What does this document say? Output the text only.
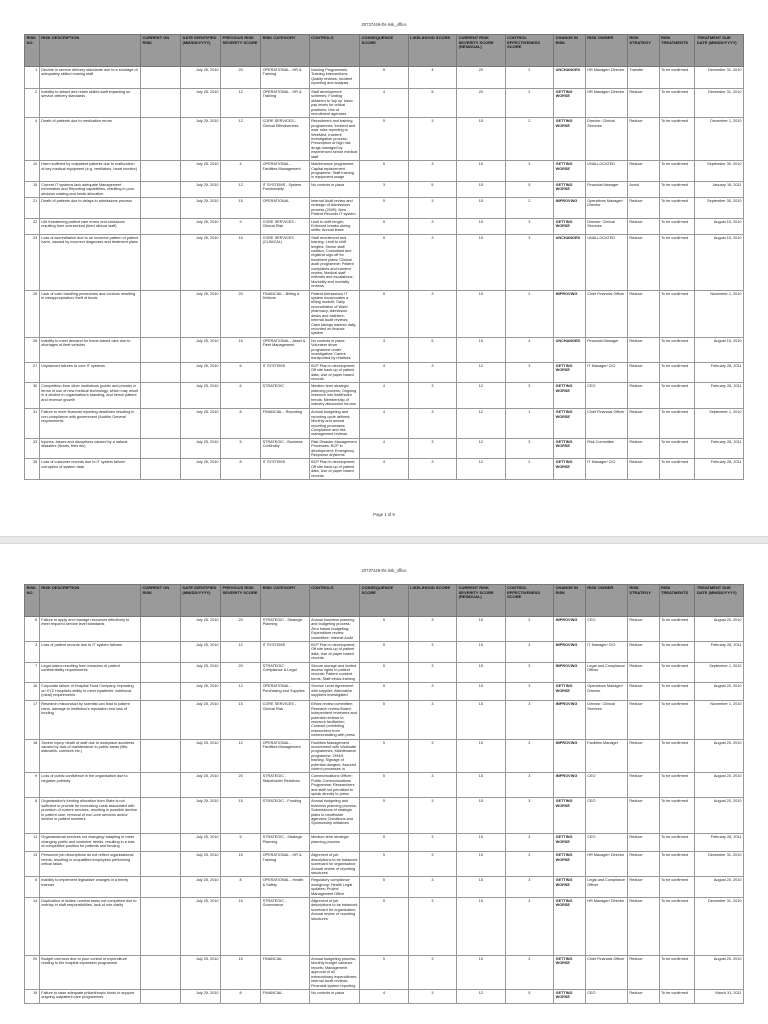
20737449-thr-risk_office
RISK NO.	RISK DESCRIPTION	CURRENT ON RISK	DATE IDENTIFIED (MM/DD/YYYY)	PREVIOUS RISK SEVERITY SCORE	RISK CATEGORY	CONTROLS	CONSEQUENCE SCORE	LIKELIHOOD SCORE	CURRENT RISK SEVERITY SCORE (RESIDUAL)	CONTROL EFFECTIVENESS SCORE	CHANGE IN RISK	RISK OWNER	RISK STRATEGY	RISK TREATMENTS	TREATMENT DUE DATE (MM/DD/YYYY)
1	Decline in service delivery standards due to a shortage of adequately skilled nursing staff		July 25, 2010	20	OPERATIONAL - HR & Training	Nursing Programmes; Training interventions; Quality reviews; Incident reporting and analysis	5	4	20	2	UNCHANGED	HR Manager/ Director	Transfer	To be confirmed	December 31, 2010
2	Inability to attract and retain skilled staff impacting on service delivery standards		July 25, 2010	12	OPERATIONAL - HR & Training	Staff development schemes; Funding obtained to 'top up' basic pay levels for critical positions; Use of recruitment agencies	4	5	20	2	GETTING WORSE	HR Manager/ Director	Reduce	To be confirmed	December 31, 2010
4	Death of patients due to medication errors		July 25, 2010	12	CORE SERVICES - Clinical Effectiveness	Recruitment and training programmes; Incident and near miss reporting to WebMed; Incident investigation process; Prescription of high risk drugs managed by experienced senior medical staff	5	3	15	2	GETTING WORSE	Director: Clinical Services	Reduce	To be confirmed	December 1, 2010
10	Harm suffered by outpatient patients due to malfunction of key medical equipment (e.g. ventilators, heart monitor)		July 25, 2010	4	OPERATIONAL - Facilities Management	Maintenance programme; Capital replacement programme; Staff training in equipment usage	5	3	15	3	GETTING WORSE	UNALLOCATED	Reduce	To be confirmed	September 30, 2010
15	Current IT systems lack adequate Management Information and Reporting capabilities, resulting in poor decision making and funds allocation		July 25, 2010	12	IT SYSTEMS - System Functionality	No controls in place	3	5	15	5	GETTING WORSE	Financial Manager	Avoid	To be confirmed	January 15, 2011
21	Death of patients due to delays in admissions process		July 25, 2010	15	OPERATIONAL	Internal Audit review and redesign of Admissions process (2009); New Patient Records IT system	5	3	15	2	IMPROVING	Operations Manager/ Director	Reduce	To be confirmed	September 30, 2010
22	Life threatening patient care errors and omissions resulting from overworked (tired clinical staff)		July 25, 2010	9	CORE SERVICES - Clinical Risk	Limit to shift length; Enforced breaks during shifts; Annual leave	5	3	15	3	GETTING WORSE	Director: Clinical Services	Reduce	To be confirmed	August 15, 2010
23	Loss of accreditation due to an incorrect pattern of patient harm, caused by incorrect diagnoses and treatment plans		July 25, 2010	15	CORE SERVICES (CLINICAL)	Staff recruitment and training; Limit to shift lengths; Senior staff rotation; Consultant and registrar sign-off for treatment plans; Clinical audit programme; Patient complaints and incident review; Medical staff referrals and escalations; Morbidity and mortality reviews	5	3	15	3	UNCHANGED	UNALLOCATED	Reduce	To be confirmed	August 15, 2010
25	Lack of cash handling procedures and controls resulting in misappropriation/ theft of funds		July 25, 2010	20	FINANCIAL - Billing & Debtors	Patient Admissions IT system incorporates a billing module; Daily reconciliation of Ward pharmacy; Admission desks and cashiers; Internal Audit reviews; Cash takings banked daily, recorded on finance system	5	3	15	2	IMPROVING	Chief Financial Officer	Reduce	To be confirmed	November 1, 2010
26	Inability to meet demand for home-based care due to shortages of fleet vehicles		July 25, 2010	15	OPERATIONAL - Asset & Fleet Management	No controls in place; Volunteer driver programme under investigation; Carers transported by relatives	3	5	15	4	UNCHANGED	Financial Manager	Reduce	To be confirmed	August 15, 2010
27	Unplanned failures to core IT systems		July 25, 2010	6	IT SYSTEMS	BCP Plan in development; Off site back-up of patient data; Use of paper based records	4	3	12	3	GETTING WORSE	IT Manager/ CIO	Reduce	To be confirmed	February 28, 2011
30	Competition from other institutions (public and private) in terms of use of new medical technology, which may result in a decline in organisation's standing, and hence patient and revenue growth		July 25, 2010	6	STRATEGIC	Medium term strategic planning process; Ongoing research into healthcare trends; Membership of industry discussion forums	4	3	12	3	GETTING WORSE	CEO	Reduce	To be confirmed	February 28, 2011
31	Failure to meet financial reporting deadlines resulting in non-compliance with government (Auditor General requirements		July 25, 2010	8	FINANCIAL - Reporting	Annual budgeting and reporting cycle defined; Monthly and annual reporting processes; Compliance and risk management reviews	4	3	12	1	GETTING WORSE	Chief Financial Officer	Reduce	To be confirmed	September 1, 2010
33	Injuries, losses and disruptions caused by a natural disasters (floods, fires etc)		July 25, 2010	5	STRATEGIC - Business Continuity	Risk Disaster Management Processes; BCP in development; Emergency Response drystems	4	3	12	3	GETTING WORSE	Risk Committee	Reduce	To be confirmed	February 28, 2011
35	Loss of customer records due to IT system failure/ corruption of system data		July 25, 2010	8	IT SYSTEMS	BCP Plan in development; Off site back-up of patient data; Use of paper based records	4	3	12	2	GETTING WORSE	IT Manager/ CIO	Reduce	To be confirmed	February 28, 2011
Page 1 of 9
20737449-thr-risk_office
RISK NO.	RISK DESCRIPTION	CURRENT ON RISK	DATE IDENTIFIED (MM/DD/YYYY)	PREVIOUS RISK SEVERITY SCORE	RISK CATEGORY	CONTROLS	CONSEQUENCE SCORE	LIKELIHOOD SCORE	CURRENT RISK SEVERITY SCORE (RESIDUAL)	CONTROL EFFECTIVENESS SCORE	CHANGE IN RISK	RISK OWNER	RISK STRATEGY	RISK TREATMENTS	TREATMENT DUE DATE (MM/DD/YYYY)
6	Failure to apply and manage resources effectively to meet required service level standards		July 25, 2010	20	STRATEGIC - Strategic Planning	Annual business planning and budgeting process; Zero based budgeting; Expenditure review committee; Internal Audit	5	3	15	2	IMPROVING	CEO	Reduce	To be confirmed	August 20, 2010
3	Loss of patient records due to IT system failures		July 25, 2010	12	IT SYSTEMS	BCP Plan in development; Off site back-up of patient data; Use of paper based records	5	3	15	3	IMPROVING	IT Manager/ CIO	Reduce	To be confirmed	February 28, 2011
7	Legal claims resulting from breaches of patient confidentiality requirements		July 25, 2010	20	STRATEGIC - Compliance & Legal	Secure storage and limited access rights to patient records; Patient consent forms; Staff ethics training	5	3	15	3	IMPROVING	Legal and Compliance Officer	Reduce	To be confirmed	September 1, 2010
16	Corporate failure of Hospital Food Company, impacting on XYZ Hospital's ability to meet inpatients' nutritional (meal) requirements		July 25, 2010	12	OPERATIONAL - Purchasing and Supplies	Service Level Agreement with supplier; Alternative suppliers investigated	5	3	15	3	GETTING WORSE	Operations Manager/ Director	Reduce	To be confirmed	August 20, 2010
17	Research misconduct by scientist can lead to patient harm, damage to institution's reputation and loss of funding		July 25, 2010	15	CORE SERVICES - Clinical Risk	Ethics review committee; Research review Board; Independent reviewers and potential reviews to research facilitation; Contract prohibiting researchers from communicating with press	5	3	15	3	IMPROVING	Director: Clinical Services	Reduce	To be confirmed	November 1, 2010
18	Severe injury/ death of staff due to workplace accidents caused by lack of maintenance to public areas (lifts, stairwells, corridors etc.)		July 25, 2010	12	OPERATIONAL - Facilities Management	Facilities Management involvement with Worksafe programmes; Maintenance programme; OH&S training; Signage of potential dangers; Assured control processes in	5	3	15	3	IMPROVING	Facilities Manager	Reduce	To be confirmed	August 20, 2010
9	Loss of public confidence in the organisation due to negative publicity		July 25, 2010	20	STRATEGIC - Stakeholder Relations	Communications Officer; Public Communications Programme; Researchers and staff not permitted to speak directly to press	5	3	15	3	IMPROVING	CEO	Reduce	To be confirmed	August 20, 2010
8	Organisation's funding allocation from State is not sufficient to provide for increasing costs associated with provision of current services, resulting in possible decline in patient care, removal of non-core services and/or decline in patient numbers		July 25, 2010	15	STRATEGIC - Funding	Annual budgeting and business planning process; Submissions of strategic plans to healthcare agencies; Donations and Sponsorship initiatives	5	3	15	3	GETTING WORSE	CEO	Reduce	To be confirmed	August 20, 2010
11	Organisational services not changing/ adapting to meet changing public and customer needs, resulting in a loss of competitive position for patients and funding		July 25, 2010	5	STRATEGIC - Strategic Planning	Medium term strategic planning process	5	3	15	3	GETTING WORSE	CEO	Reduce	To be confirmed	February 28, 2011
13	Personnel job descriptions do not reflect organisational needs, resulting in unqualified employees performing critical tasks		July 25, 2010	15	OPERATIONAL - HR & Training	Alignment of job descriptions to be balanced scorecard for organisation; Annual review of reporting structures	5	3	15	3	GETTING WORSE	HR Manager/ Director	Reduce	To be confirmed	December 31, 2010
5	Inability to implement legislative changes in a timely manner		July 25, 2010	8	OPERATIONAL - Health & Safety	Regulatory compliance workgroup; Health Legal updates; Project Management Office	5	3	15	3	GETTING WORSE	Legal and Compliance Officer	Reduce	To be confirmed	August 20, 2010
14	Duplication of duties/ unclear tasks not completed due to overlap in staff responsibilities, lack of role clarity		July 25, 2010	15	STRATEGIC - Governance	Alignment of job descriptions to be balanced scorecard for organisation; Annual review of reporting structures	5	3	15	3	GETTING WORSE	HR Manager/ Director	Reduce	To be confirmed	December 31, 2010
20	Budget overruns due to poor control of expenditure relating to the hospital expansion programme		July 25, 2010	15	FINANCIAL	Annual budgeting process; Monthly budget variance reports; Management approval of all extraordinary expenditures; Internal Audit reviews; Financial system reporting	5	3	15	3	GETTING WORSE	Chief Financial Officer	Reduce	To be confirmed	August 20, 2010
19	Failure to raise adequate philanthropic funds to support ongoing outpatient care programmes		July 25, 2010	8	FINANCIAL	No controls in place	4	3	12	5	GETTING WORSE	CEO	Reduce	To be confirmed	March 31, 2011
